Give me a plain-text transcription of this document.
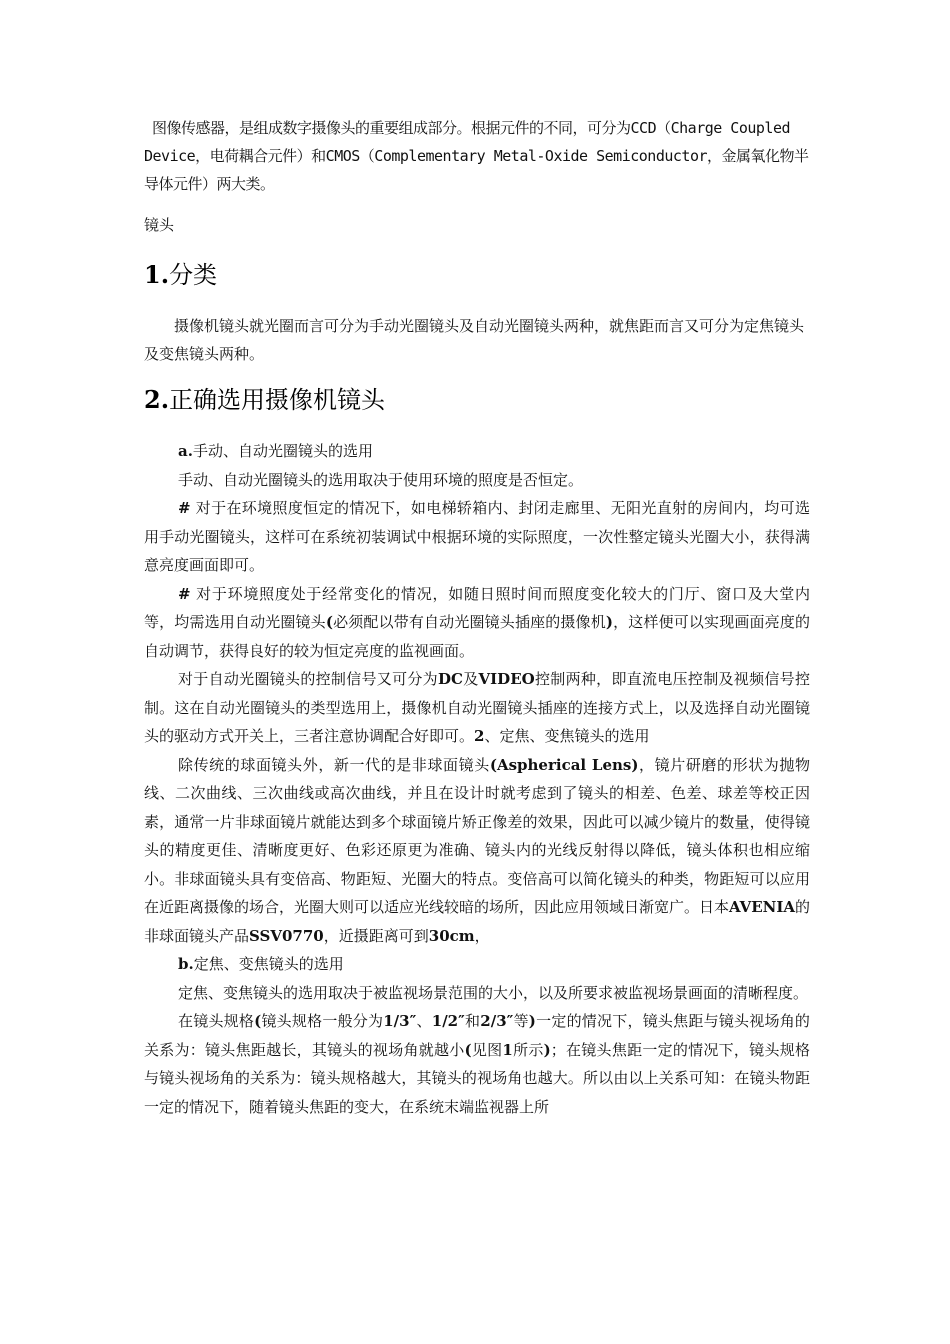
图像传感器，是组成数字摄像头的重要组成部分。根据元件的不同，可分为CCD（Charge Coupled Device，电荷耦合元件）和CMOS（Complementary Metal-Oxide Semiconductor，金属氧化物半导体元件）两大类。
镜头
1.分类
摄像机镜头就光圈而言可分为手动光圈镜头及自动光圈镜头两种，就焦距而言又可分为定焦镜头及变焦镜头两种。
2.正确选用摄像机镜头

a.手动、自动光圈镜头的选用

手动、自动光圈镜头的选用取决于使用环境的照度是否恒定。

# 对于在环境照度恒定的情况下，如电梯轿箱内、封闭走廊里、无阳光直射的房间内，均可选用手动光圈镜头，这样可在系统初装调试中根据环境的实际照度，一次性整定镜头光圈大小，获得满意亮度画面即可。

# 对于环境照度处于经常变化的情况，如随日照时间而照度变化较大的门厅、窗口及大堂内等，均需选用自动光圈镜头(必须配以带有自动光圈镜头插座的摄像机)，这样便可以实现画面亮度的自动调节，获得良好的较为恒定亮度的监视画面。

对于自动光圈镜头的控制信号又可分为DC及VIDEO控制两种，即直流电压控制及视频信号控制。这在自动光圈镜头的类型选用上，摄像机自动光圈镜头插座的连接方式上，以及选择自动光圈镜头的驱动方式开关上，三者注意协调配合好即可。2、定焦、变焦镜头的选用

除传统的球面镜头外，新一代的是非球面镜头(Aspherical Lens)，镜片研磨的形状为抛物线、二次曲线、三次曲线或高次曲线，并且在设计时就考虑到了镜头的相差、色差、球差等校正因素，通常一片非球面镜片就能达到多个球面镜片矫正像差的效果，因此可以减少镜片的数量，使得镜头的精度更佳、清晰度更好、色彩还原更为准确、镜头内的光线反射得以降低，镜头体积也相应缩小。非球面镜头具有变倍高、物距短、光圈大的特点。变倍高可以简化镜头的种类，物距短可以应用在近距离摄像的场合，光圈大则可以适应光线较暗的场所，因此应用领域日渐宽广。日本AVENIA的非球面镜头产品SSV0770，近摄距离可到30cm，

b.定焦、变焦镜头的选用

定焦、变焦镜头的选用取决于被监视场景范围的大小，以及所要求被监视场景画面的清晰程度。

在镜头规格(镜头规格一般分为1/3″、1/2″和2/3″等)一定的情况下，镜头焦距与镜头视场角的关系为：镜头焦距越长，其镜头的视场角就越小(见图1所示)；在镜头焦距一定的情况下，镜头规格与镜头视场角的关系为：镜头规格越大，其镜头的视场角也越大。所以由以上关系可知：在镜头物距一定的情况下，随着镜头焦距的变大，在系统末端监视器上所
